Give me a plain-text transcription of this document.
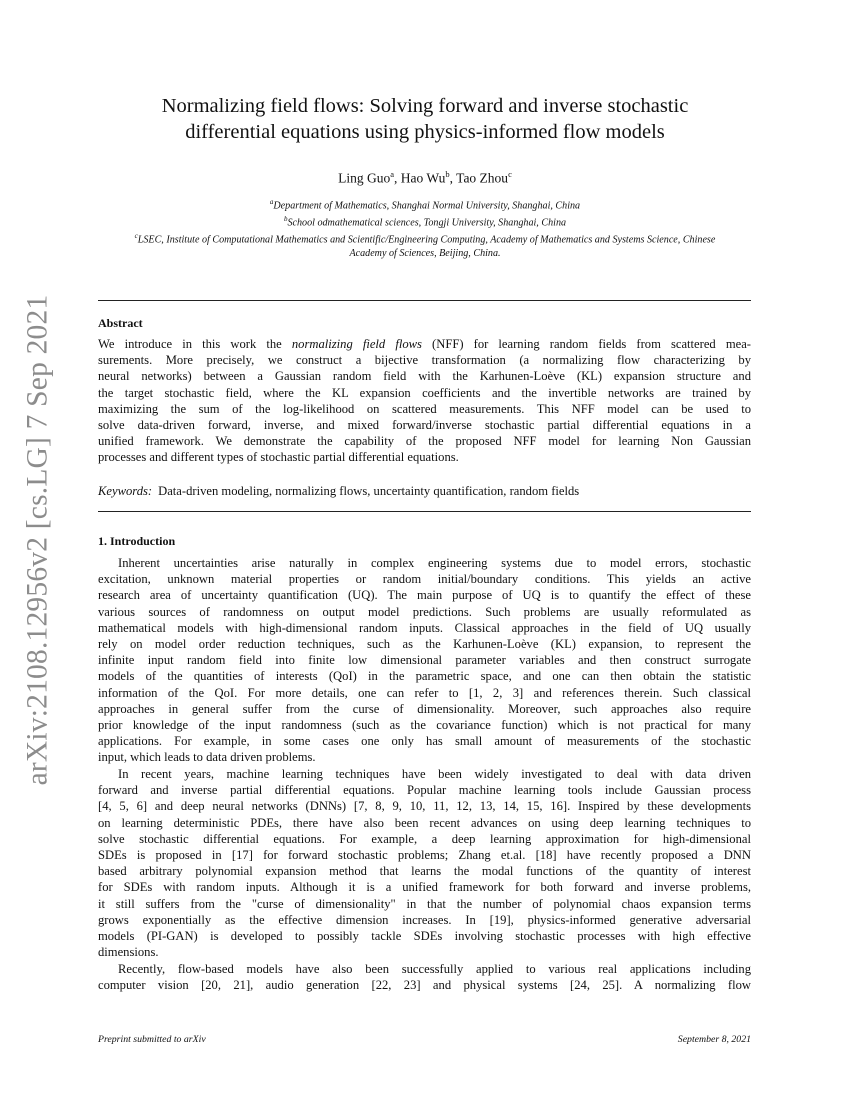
arXiv:2108.12956v2 [cs.LG] 7 Sep 2021
Normalizing field flows: Solving forward and inverse stochastic
differential equations using physics-informed flow models
Ling Guo$^a$, Hao Wu$^b$, Tao Zhou$^c$
$^a$Department of Mathematics, Shanghai Normal University, Shanghai, China
$^b$School odmathematical sciences, Tongji University, Shanghai, China
$^c$LSEC, Institute of Computational Mathematics and Scientific/Engineering Computing, Academy of Mathematics and Systems Science, Chinese
Academy of Sciences, Beijing, China.
Abstract
We introduce in this work the normalizing field flows (NFF) for learning random fields from scattered mea-
surements. More precisely, we construct a bijective transformation (a normalizing flow characterizing by
neural networks) between a Gaussian random field with the Karhunen-Loève (KL) expansion structure and
the target stochastic field, where the KL expansion coefficients and the invertible networks are trained by
maximizing the sum of the log-likelihood on scattered measurements. This NFF model can be used to
solve data-driven forward, inverse, and mixed forward/inverse stochastic partial differential equations in a
unified framework. We demonstrate the capability of the proposed NFF model for learning Non Gaussian
processes and different types of stochastic partial differential equations.
Keywords: Data-driven modeling, normalizing flows, uncertainty quantification, random fields
1. Introduction
Inherent uncertainties arise naturally in complex engineering systems due to model errors, stochastic
excitation, unknown material properties or random initial/boundary conditions. This yields an active
research area of uncertainty quantification (UQ). The main purpose of UQ is to quantify the effect of these
various sources of randomness on output model predictions. Such problems are usually reformulated as
mathematical models with high-dimensional random inputs. Classical approaches in the field of UQ usually
rely on model order reduction techniques, such as the Karhunen-Loève (KL) expansion, to represent the
infinite input random field into finite low dimensional parameter variables and then construct surrogate
models of the quantities of interests (QoI) in the parametric space, and one can then obtain the statistic
information of the QoI. For more details, one can refer to [1, 2, 3] and references therein. Such classical
approaches in general suffer from the curse of dimensionality. Moreover, such approaches also require
prior knowledge of the input randomness (such as the covariance function) which is not practical for many
applications. For example, in some cases one only has small amount of measurements of the stochastic
input, which leads to data driven problems.
In recent years, machine learning techniques have been widely investigated to deal with data driven
forward and inverse partial differential equations. Popular machine learning tools include Gaussian process
[4, 5, 6] and deep neural networks (DNNs) [7, 8, 9, 10, 11, 12, 13, 14, 15, 16]. Inspired by these developments
on learning deterministic PDEs, there have also been recent advances on using deep learning techniques to
solve stochastic differential equations. For example, a deep learning approximation for high-dimensional
SDEs is proposed in [17] for forward stochastic problems; Zhang et.al. [18] have recently proposed a DNN
based arbitrary polynomial expansion method that learns the modal functions of the quantity of interest
for SDEs with random inputs. Although it is a unified framework for both forward and inverse problems,
it still suffers from the "curse of dimensionality" in that the number of polynomial chaos expansion terms
grows exponentially as the effective dimension increases. In [19], physics-informed generative adversarial
models (PI-GAN) is developed to possibly tackle SDEs involving stochastic processes with high effective
dimensions.
Recently, flow-based models have also been successfully applied to various real applications including
computer vision [20, 21], audio generation [22, 23] and physical systems [24, 25]. A normalizing flow
Preprint submitted to arXiv	September 8, 2021
